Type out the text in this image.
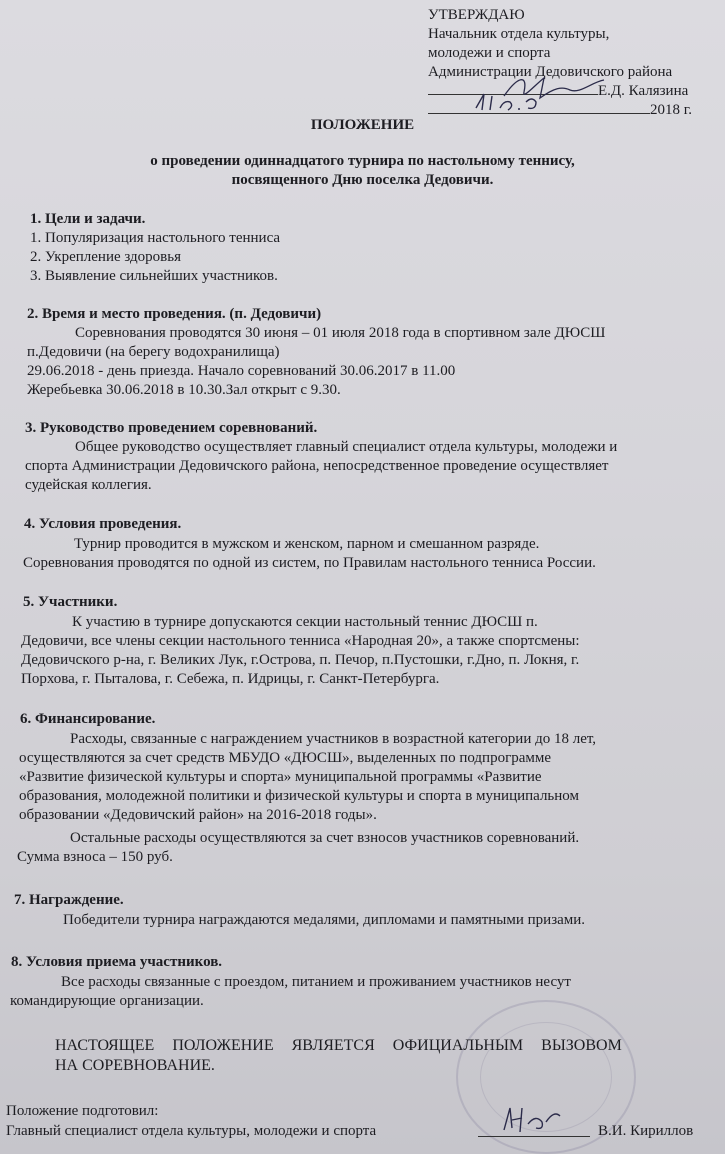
УТВЕРЖДАЮ
Начальник отдела культуры,
молодежи и спорта
Администрации Дедовичского района
Е.Д. Калязина
2018 г.
ПОЛОЖЕНИЕ
о проведении одиннадцатого турнира по настольному теннису,
посвященного Дню поселка Дедовичи.
1. Цели и задачи.
1. Популяризация настольного тенниса
2. Укрепление здоровья
3. Выявление сильнейших участников.
2. Время и место проведения. (п. Дедовичи)
Соревнования проводятся 30 июня – 01 июля 2018 года в спортивном зале ДЮСШ
п.Дедовичи (на берегу водохранилища)
29.06.2018 - день приезда. Начало соревнований 30.06.2017 в 11.00
Жеребьевка 30.06.2018 в 10.30.Зал открыт с 9.30.
3. Руководство проведением соревнований.
Общее руководство осуществляет главный специалист отдела культуры, молодежи и
спорта Администрации Дедовичского района, непосредственное проведение осуществляет
судейская коллегия.
4. Условия проведения.
Турнир проводится в мужском и женском, парном и смешанном разряде.
Соревнования проводятся по одной из систем, по Правилам настольного тенниса России.
5. Участники.
К участию в турнире допускаются секции настольный теннис ДЮСШ п.
Дедовичи, все члены секции настольного тенниса «Народная 20», а также спортсмены:
Дедовичского р-на, г. Великих Лук, г.Острова, п. Печор, п.Пустошки, г.Дно, п. Локня, г.
Порхова, г. Пыталова, г. Себежа, п. Идрицы, г. Санкт-Петербурга.
6. Финансирование.
Расходы, связанные с награждением участников в возрастной категории до 18 лет,
осуществляются за счет средств МБУДО «ДЮСШ», выделенных по подпрограмме
«Развитие физической культуры и спорта» муниципальной программы «Развитие
образования, молодежной политики и физической культуры и спорта в муниципальном
образовании «Дедовичский район» на 2016-2018 годы».
Остальные расходы осуществляются за счет взносов участников соревнований.
Сумма взноса – 150 руб.
7. Награждение.
Победители турнира награждаются медалями, дипломами и памятными призами.
8. Условия приема участников.
Все расходы связанные с проездом, питанием и проживанием участников несут
командирующие организации.
НАСТОЯЩЕЕ ПОЛОЖЕНИЕ ЯВЛЯЕТСЯ ОФИЦИАЛЬНЫМ ВЫЗОВОМ
НА СОРЕВНОВАНИЕ.
Положение подготовил:
Главный специалист отдела культуры, молодежи и спорта	В.И. Кириллов
